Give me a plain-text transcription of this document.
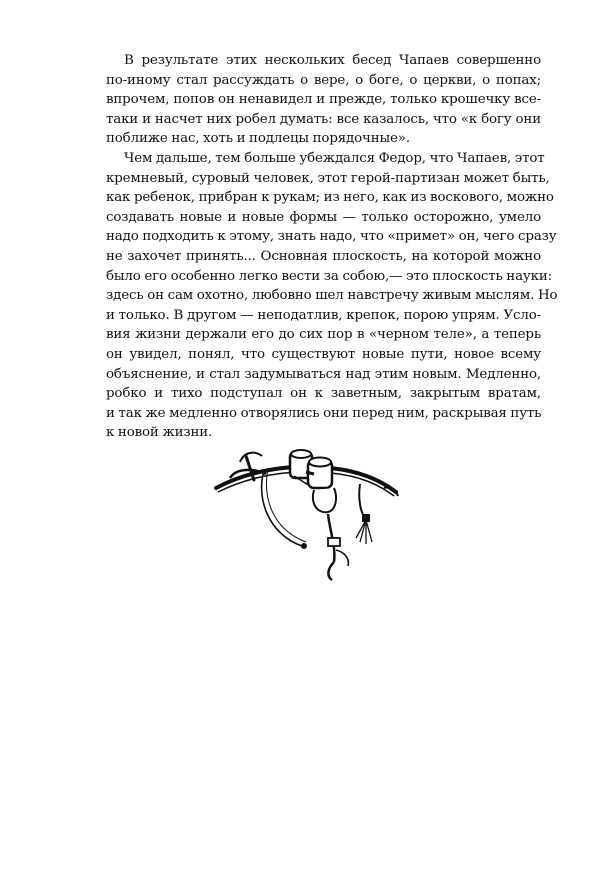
В результате этих нескольких бесед Чапаев совершенно
по-иному стал рассуждать о вере, о боге, о церкви, о попах;
впрочем, попов он ненавидел и прежде, только крошечку все-
таки и насчет них робел думать: все казалось, что «к богу они
поближе нас, хоть и подлецы порядочные».

Чем дальше, тем больше убеждался Федор, что Чапаев, этот
кремневый, суровый человек, этот герой-партизан может быть,
как ребенок, прибран к рукам; из него, как из воскового, можно
создавать новые и новые формы — только осторожно, умело
надо подходить к этому, знать надо, что «примет» он, чего сразу
не захочет принять... Основная плоскость, на которой можно
было его особенно легко вести за собою,— это плоскость науки:
здесь он сам охотно, любовно шел навстречу живым мыслям. Но
и только. В другом — неподатлив, крепок, порою упрям. Усло-
вия жизни держали его до сих пор в «черном теле», а теперь
он увидел, понял, что существуют новые пути, новое всему
объяснение, и стал задумываться над этим новым. Медленно,
робко и тихо подступал он к заветным, закрытым вратам,
и так же медленно отворялись они перед ним, раскрывая путь
к новой жизни.
